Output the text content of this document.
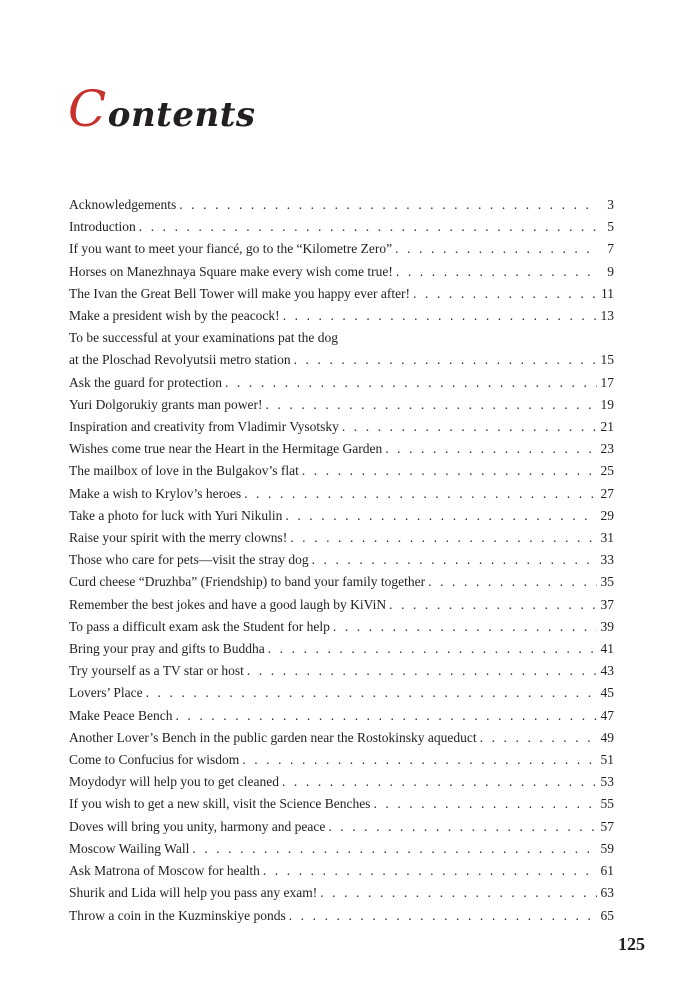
Contents
Acknowledgements . . .	3
Introduction . . .	5
If you want to meet your fiancé, go to the “Kilometre Zero” . . .	7
Horses on Manezhnaya Square make every wish come true! . . .	9
The Ivan the Great Bell Tower will make you happy ever after! . . .	11
Make a president wish by the peacock! . . .	13
To be successful at your examinations pat the dog
at the Ploschad Revolyutsii metro station . . .	15
Ask the guard for protection . . .	17
Yuri Dolgorukiy grants man power! . . .	19
Inspiration and creativity from Vladimir Vysotsky . . .	21
Wishes come true near the Heart in the Hermitage Garden . . .	23
The mailbox of love in the Bulgakov’s flat . . .	25
Make a wish to Krylov’s heroes . . .	27
Take a photo for luck with Yuri Nikulin . . .	29
Raise your spirit with the merry clowns! . . .	31
Those who care for pets—visit the stray dog . . .	33
Curd cheese “Druzhba” (Friendship) to band your family together . . .	35
Remember the best jokes and have a good laugh by KiViN . . .	37
To pass a difficult exam ask the Student for help . . .	39
Bring your pray and gifts to Buddha . . .	41
Try yourself as a TV star or host . . .	43
Lovers’ Place . . .	45
Make Peace Bench . . .	47
Another Lover’s Bench in the public garden near the Rostokinsky aqueduct . . .	49
Come to Confucius for wisdom . . .	51
Moydodyr will help you to get cleaned . . .	53
If you wish to get a new skill, visit the Science Benches . . .	55
Doves will bring you unity, harmony and peace . . .	57
Moscow Wailing Wall . . .	59
Ask Matrona of Moscow for health . . .	61
Shurik and Lida will help you pass any exam! . . .	63
Throw a coin in the Kuzminskiye ponds . . .	65
125
